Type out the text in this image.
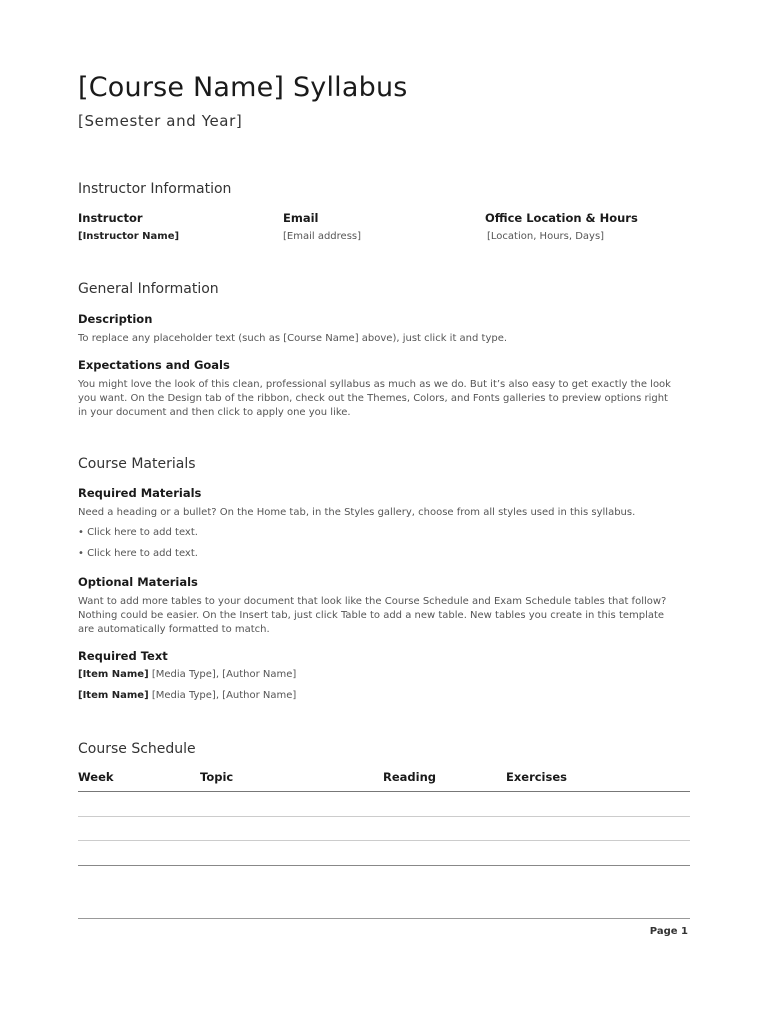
[Course Name] Syllabus
[Semester and Year]
Instructor Information
Instructor	Email	Office Location & Hours
[Instructor Name]	[Email address]	[Location, Hours, Days]
General Information
Description
To replace any placeholder text (such as [Course Name] above), just click it and type.
Expectations and Goals
You might love the look of this clean, professional syllabus as much as we do. But it’s also easy to get exactly the look
you want. On the Design tab of the ribbon, check out the Themes, Colors, and Fonts galleries to preview options right
in your document and then click to apply one you like.
Course Materials
Required Materials
Need a heading or a bullet? On the Home tab, in the Styles gallery, choose from all styles used in this syllabus.
• Click here to add text.
• Click here to add text.
Optional Materials
Want to add more tables to your document that look like the Course Schedule and Exam Schedule tables that follow?
Nothing could be easier. On the Insert tab, just click Table to add a new table. New tables you create in this template
are automatically formatted to match.
Required Text
[Item Name] [Media Type], [Author Name]
[Item Name] [Media Type], [Author Name]
Course Schedule
Week	Topic	Reading	Exercises
Page 1
